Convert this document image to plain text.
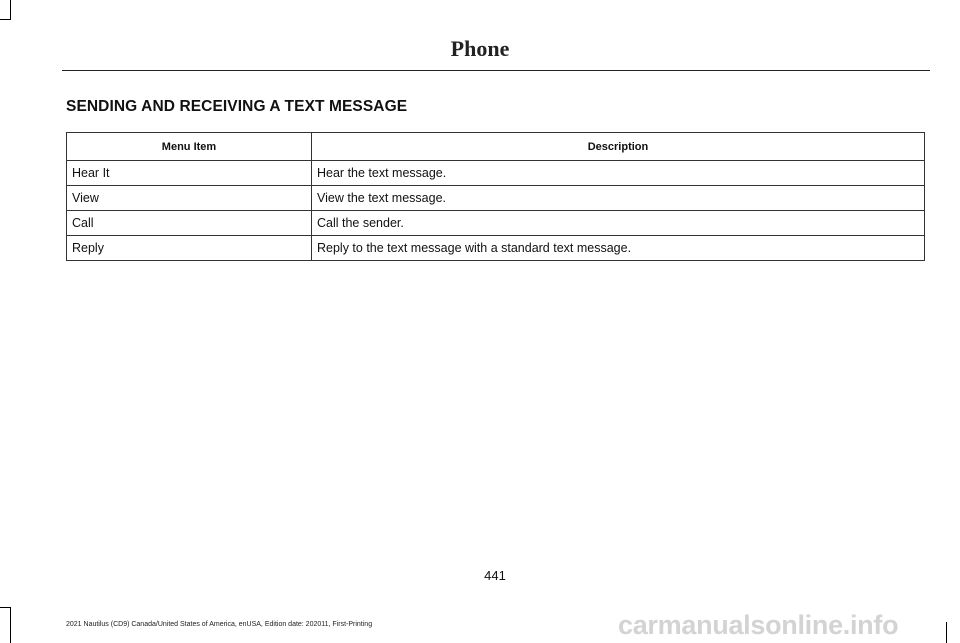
Phone
SENDING AND RECEIVING A TEXT MESSAGE
Menu Item	Description
Hear It	Hear the text message.
View	View the text message.
Call	Call the sender.
Reply	Reply to the text message with a standard text message.
441
2021 Nautilus (CD9) Canada/United States of America, enUSA, Edition date: 202011, First-Printing	carmanualsonline.info
